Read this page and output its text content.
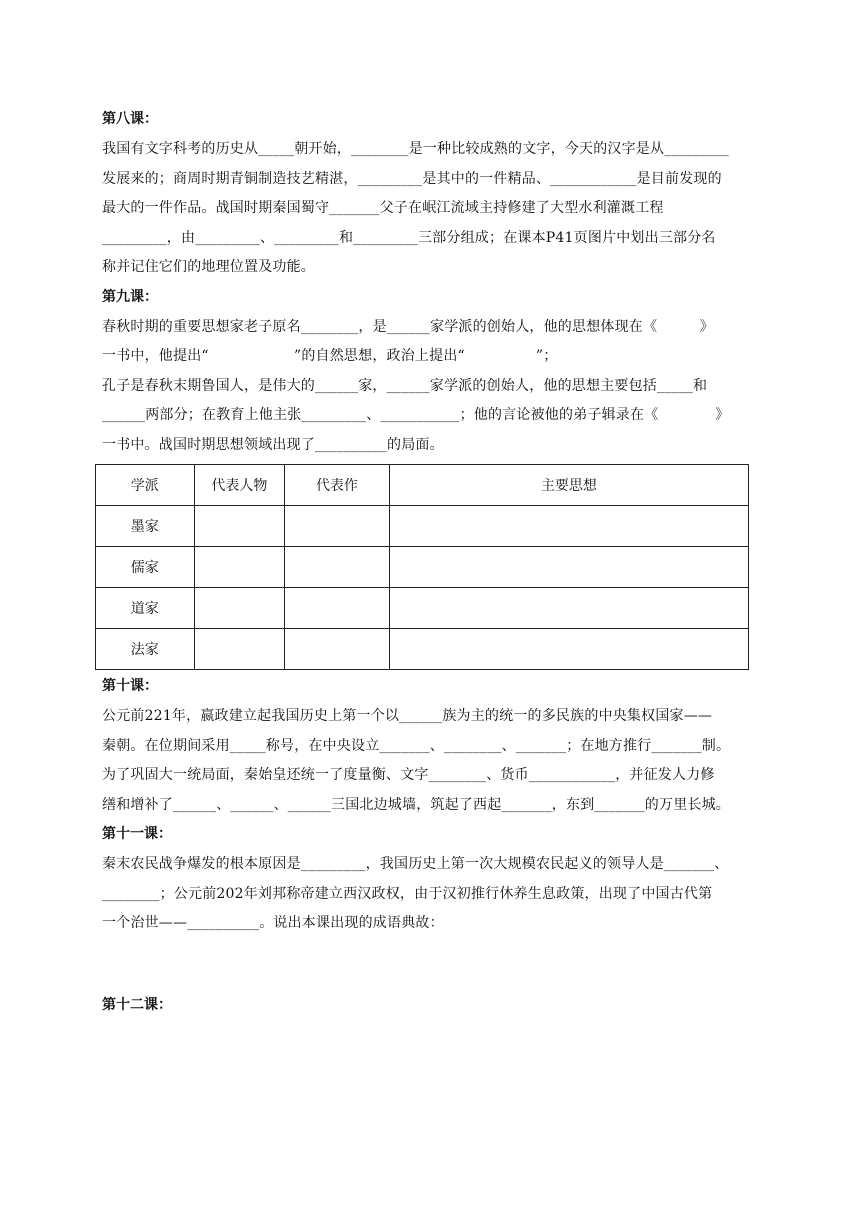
第八课：
我国有文字科考的历史从_____朝开始，________是一种比较成熟的文字，今天的汉字是从_________
发展来的；商周时期青铜制造技艺精湛，_________是其中的一件精品、____________是目前发现的
最大的一件作品。战国时期秦国蜀守_______父子在岷江流域主持修建了大型水利灌溉工程
_________，由_________、_________和_________三部分组成；在课本P41页图片中划出三部分名
称并记住它们的地理位置及功能。
第九课：
春秋时期的重要思想家老子原名________，是______家学派的创始人，他的思想体现在《　　　》
一书中，他提出“　　　　　　”的自然思想，政治上提出“　　　　　”；
孔子是春秋末期鲁国人，是伟大的______家，______家学派的创始人，他的思想主要包括_____和
______两部分；在教育上他主张_________、___________；他的言论被他的弟子辑录在《　　　　》
一书中。战国时期思想领域出现了__________的局面。
学派	代表人物	代表作	主要思想
墨家			
儒家			
道家			
法家			
第十课：
公元前221年，嬴政建立起我国历史上第一个以______族为主的统一的多民族的中央集权国家——
秦朝。在位期间采用_____称号，在中央设立_______、________、_______；在地方推行_______制。
为了巩固大一统局面，秦始皇还统一了度量衡、文字________、货币____________，并征发人力修
缮和增补了______、______、______三国北边城墙，筑起了西起_______，东到_______的万里长城。
第十一课：
秦末农民战争爆发的根本原因是_________，我国历史上第一次大规模农民起义的领导人是_______、
________；公元前202年刘邦称帝建立西汉政权，由于汉初推行休养生息政策，出现了中国古代第
一个治世——__________。说出本课出现的成语典故：
第十二课：
